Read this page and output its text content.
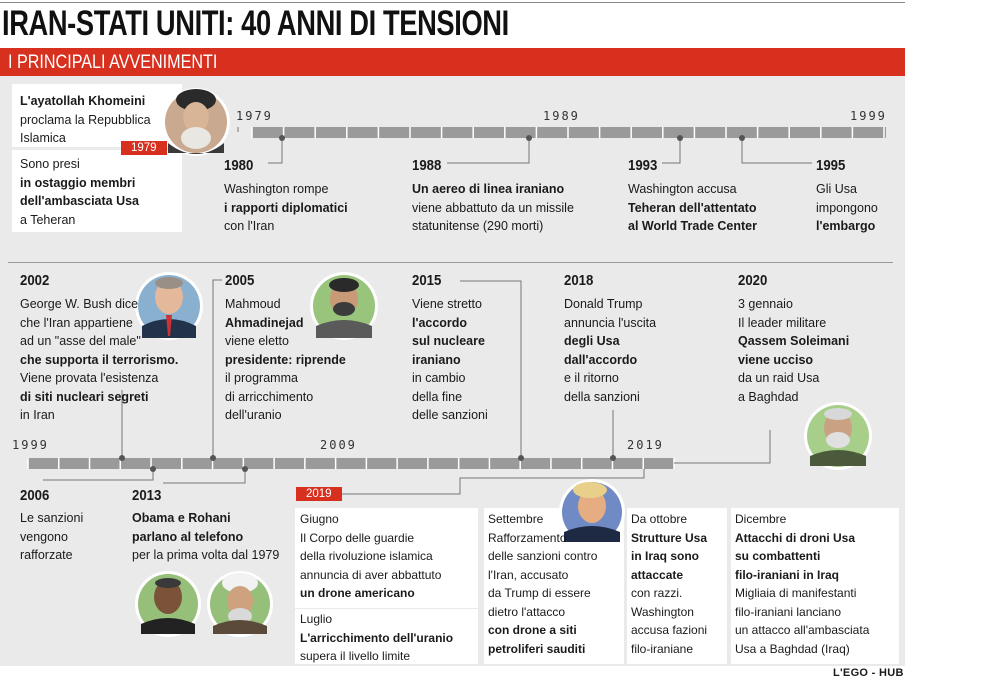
IRAN-STATI UNITI: 40 ANNI DI TENSIONI
I PRINCIPALI AVVENIMENTI
1979	1989	1999
1979
1999	2009	2019
2019
L'ayatollah Khomeini
proclama la Repubblica
Islamica
Sono presi
in ostaggio membri
dell'ambasciata Usa
a Teheran
1980
Washington rompe
i rapporti diplomatici
con l'Iran
1988
Un aereo di linea iraniano
viene abbattuto da un missile
statunitense (290 morti)
1993
Washington accusa
Teheran dell'attentato
al World Trade Center
1995
Gli Usa
impongono
l'embargo
2002
George W. Bush dice
che l'Iran appartiene
ad un "asse del male"
che supporta il terrorismo.
Viene provata l'esistenza
di siti nucleari segreti
in Iran
2005
Mahmoud
Ahmadinejad
viene eletto
presidente: riprende
il programma
di arricchimento
dell'uranio
2015
Viene stretto
l'accordo
sul nucleare
iraniano
in cambio
della fine
delle sanzioni
2018
Donald Trump
annuncia l'uscita
degli Usa
dall'accordo
e il ritorno
della sanzioni
2020
3 gennaio
Il leader militare
Qassem Soleimani
viene ucciso
da un raid Usa
a Baghdad
2006
Le sanzioni
vengono
rafforzate
2013
Obama e Rohani
parlano al telefono
per la prima volta dal 1979
Giugno
Il Corpo delle guardie
della rivoluzione islamica
annuncia di aver abbattuto
un drone americano
Luglio
L'arricchimento dell'uranio
supera il livello limite
Settembre
Rafforzamento
delle sanzioni contro
l'Iran, accusato
da Trump di essere
dietro l'attacco
con drone a siti
petroliferi sauditi
Da ottobre
Strutture Usa
in Iraq sono
attaccate
con razzi.
Washington
accusa fazioni
filo-iraniane
Dicembre
Attacchi di droni Usa
su combattenti
filo-iraniani in Iraq
Migliaia di manifestanti
filo-iraniani lanciano
un attacco all'ambasciata
Usa a Baghdad (Iraq)
L'EGO - HUB
